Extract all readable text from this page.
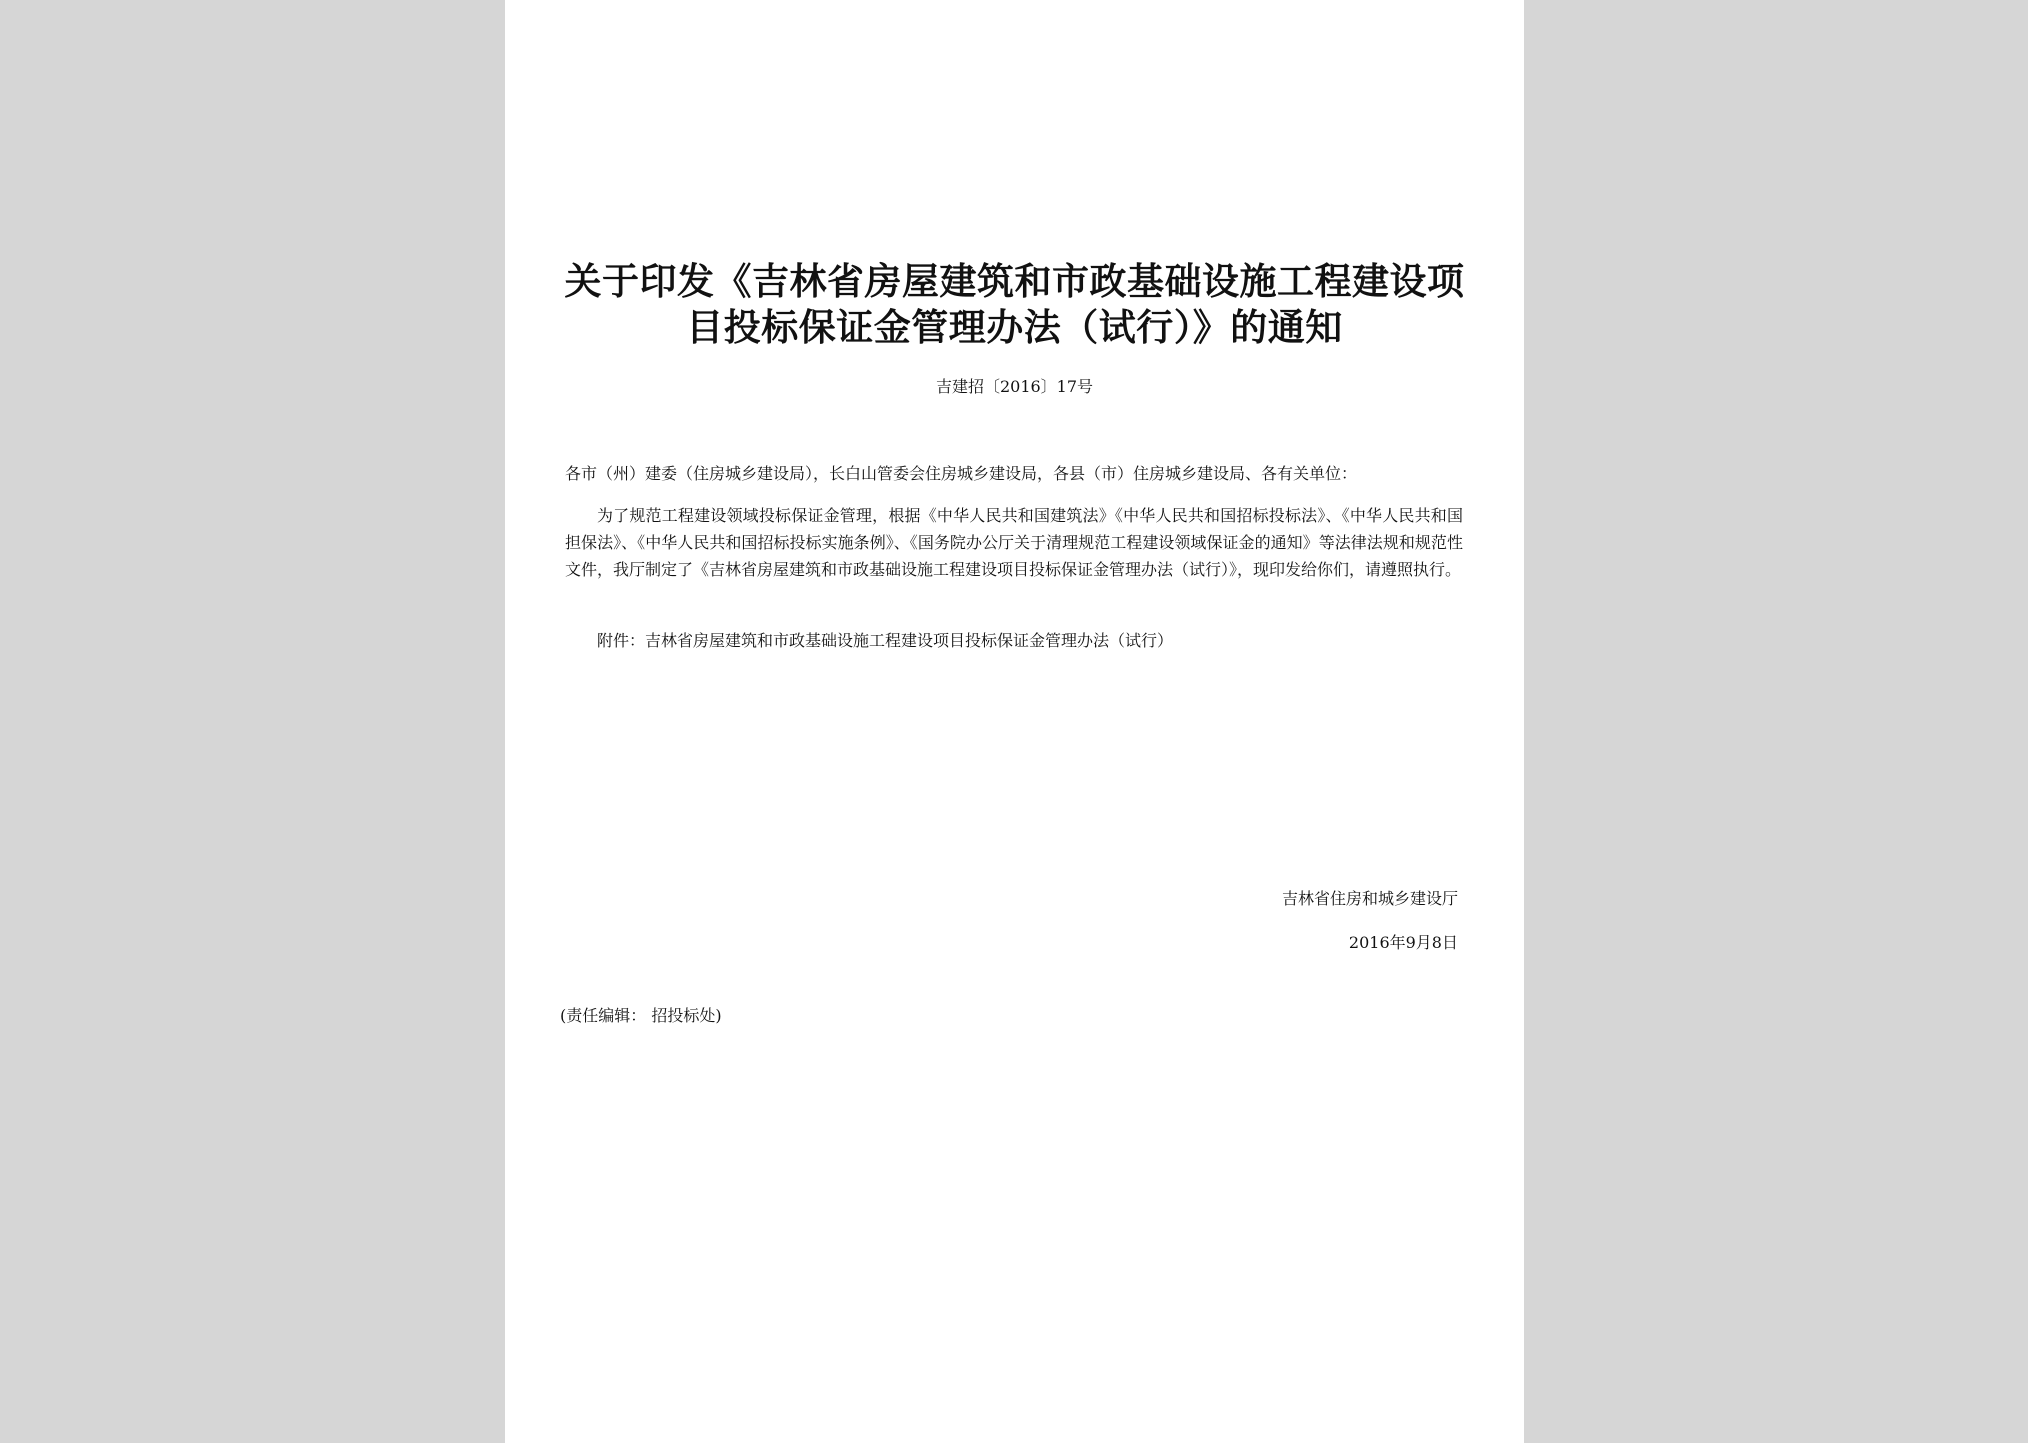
关于印发《吉林省房屋建筑和市政基础设施工程建设项
目投标保证金管理办法（试行）》的通知
吉建招〔2016〕17号
各市（州）建委（住房城乡建设局），长白山管委会住房城乡建设局，各县（市）住房城乡建设局、各有关单位：
为了规范工程建设领域投标保证金管理，根据《中华人民共和国建筑法》《中华人民共和国招标投标法》、《中华人民共和国担保法》、《中华人民共和国招标投标实施条例》、《国务院办公厅关于清理规范工程建设领域保证金的通知》等法律法规和规范性文件，我厅制定了《吉林省房屋建筑和市政基础设施工程建设项目投标保证金管理办法（试行）》，现印发给你们，请遵照执行。
附件：吉林省房屋建筑和市政基础设施工程建设项目投标保证金管理办法（试行）
吉林省住房和城乡建设厅
2016年9月8日
(责任编辑： 招投标处)
